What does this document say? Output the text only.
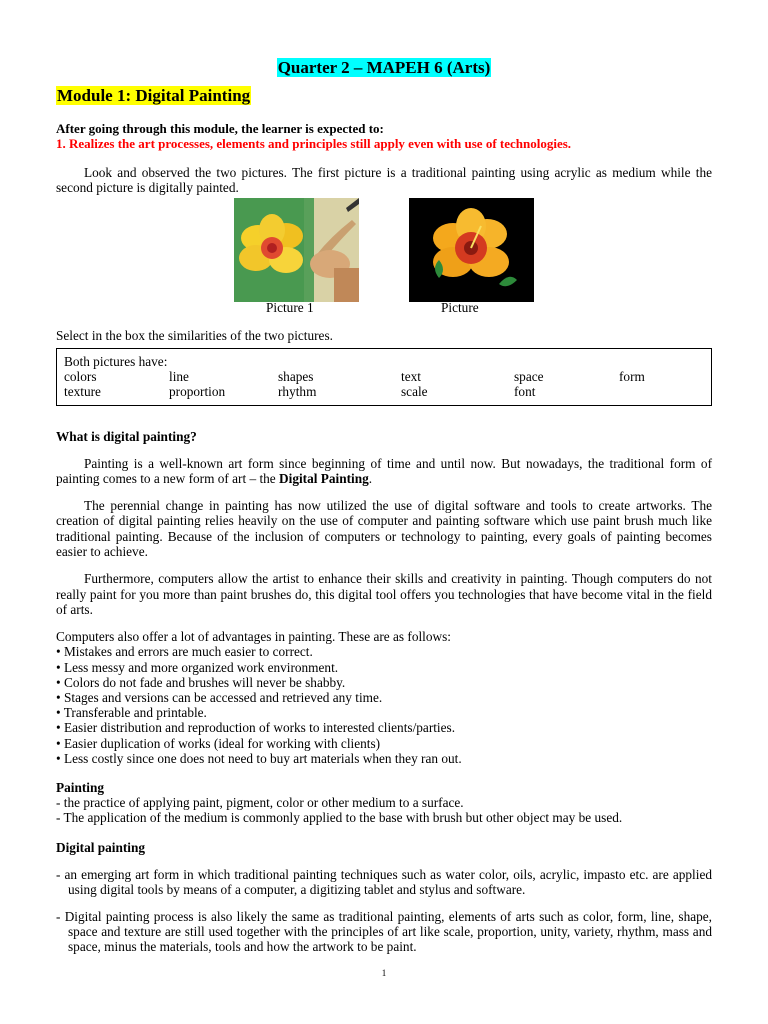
Quarter 2 – MAPEH 6 (Arts)
Module 1: Digital Painting

After going through this module, the learner is expected to:

1. Realizes the art processes, elements and principles still apply even with use of technologies.

Look and observed the two pictures. The first picture is a traditional painting using acrylic as medium while the second picture is digitally painted.

Picture 1	Picture

Select in the box the similarities of the two pictures.

Both pictures have:
colors	line	shapes	text	space	form
texture	proportion	rhythm	scale	font

What is digital painting?

Painting is a well-known art form since beginning of time and until now. But nowadays, the traditional form of painting comes to a new form of art – the Digital Painting.

The perennial change in painting has now utilized the use of digital software and tools to create artworks. The creation of digital painting relies heavily on the use of computer and painting software which use paint brush much like traditional painting. Because of the inclusion of computers or technology to painting, every goals of painting becomes easier to achieve.

Furthermore, computers allow the artist to enhance their skills and creativity in painting. Though computers do not really paint for you more than paint brushes do, this digital tool offers you technologies that have become vital in the field of arts.

Computers also offer a lot of advantages in painting. These are as follows:
• Mistakes and errors are much easier to correct.
• Less messy and more organized work environment.
• Colors do not fade and brushes will never be shabby.
• Stages and versions can be accessed and retrieved any time.
• Transferable and printable.
• Easier distribution and reproduction of works to interested clients/parties.
• Easier duplication of works (ideal for working with clients)
• Less costly since one does not need to buy art materials when they ran out.

Painting

- the practice of applying paint, pigment, color or other medium to a surface.
- The application of the medium is commonly applied to the base with brush but other object may be used.

Digital painting

- an emerging art form in which traditional painting techniques such as water color, oils, acrylic, impasto etc. are applied using digital tools by means of a computer, a digitizing tablet and stylus and software.
- Digital painting process is also likely the same as traditional painting, elements of arts such as color, form, line, shape, space and texture are still used together with the principles of art like scale, proportion, unity, variety, rhythm, mass and space, minus the materials, tools and how the artwork to be paint.
1
